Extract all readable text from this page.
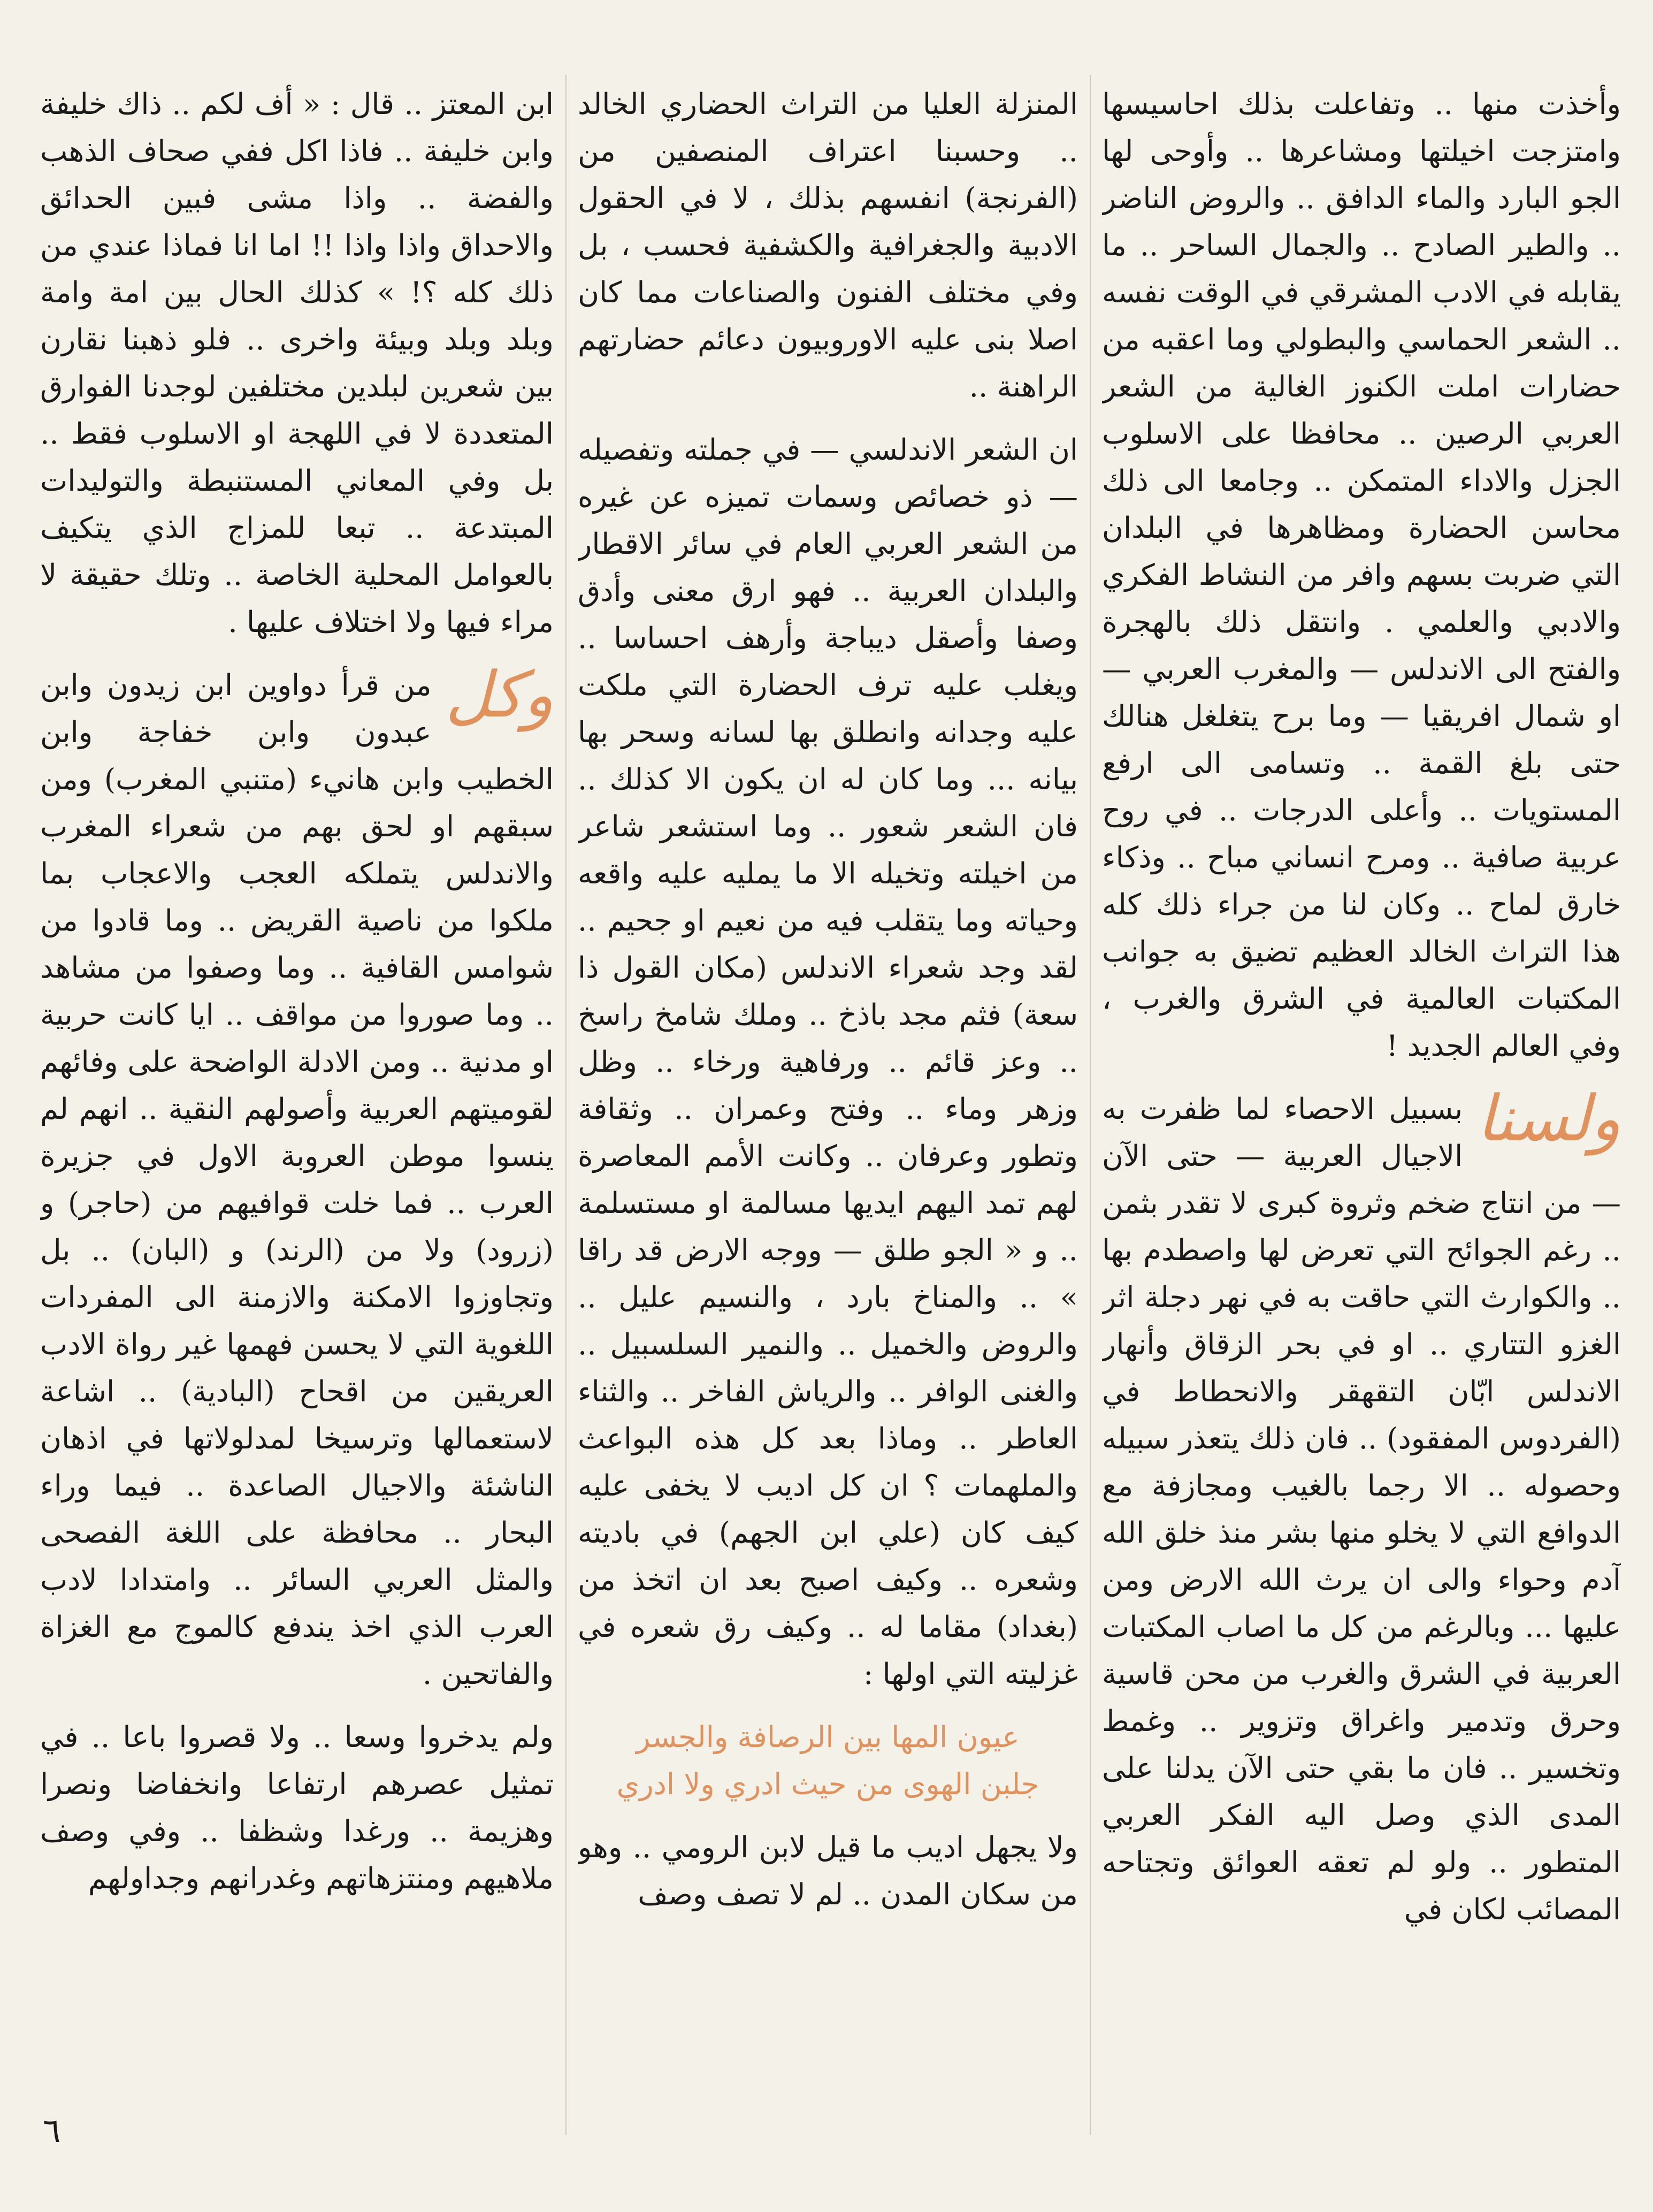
وأخذت منها .. وتفاعلت بذلك احاسيسها وامتزجت اخيلتها ومشاعرها .. وأوحى لها الجو البارد والماء الدافق .. والروض الناضر .. والطير الصادح .. والجمال الساحر .. ما يقابله في الادب المشرقي في الوقت نفسه .. الشعر الحماسي والبطولي وما اعقبه من حضارات املت الكنوز الغالية من الشعر العربي الرصين .. محافظا على الاسلوب الجزل والاداء المتمكن .. وجامعا الى ذلك محاسن الحضارة ومظاهرها في البلدان التي ضربت بسهم وافر من النشاط الفكري والادبي والعلمي . وانتقل ذلك بالهجرة والفتح الى الاندلس — والمغرب العربي — او شمال افريقيا — وما برح يتغلغل هنالك حتى بلغ القمة .. وتسامى الى ارفع المستويات .. وأعلى الدرجات .. في روح عربية صافية .. ومرح انساني مباح .. وذكاء خارق لماح .. وكان لنا من جراء ذلك كله هذا التراث الخالد العظيم تضيق به جوانب المكتبات العالمية في الشرق والغرب ، وفي العالم الجديد !

ولسنا
بسبيل الاحصاء لما ظفرت به الاجيال العربية — حتى الآن — من انتاج ضخم وثروة كبرى لا تقدر بثمن .. رغم الجوائح التي تعرض لها واصطدم بها .. والكوارث التي حاقت به في نهر دجلة اثر الغزو التتاري .. او في بحر الزقاق وأنهار الاندلس ابّان التقهقر والانحطاط في (الفردوس المفقود) .. فان ذلك يتعذر سبيله وحصوله .. الا رجما بالغيب ومجازفة مع الدوافع التي لا يخلو منها بشر منذ خلق الله آدم وحواء والى ان يرث الله الارض ومن عليها ... وبالرغم من كل ما اصاب المكتبات العربية في الشرق والغرب من محن قاسية وحرق وتدمير واغراق وتزوير .. وغمط وتخسير .. فان ما بقي حتى الآن يدلنا على المدى الذي وصل اليه الفكر العربي المتطور .. ولو لم تعقه العوائق وتجتاحه المصائب لكان في

المنزلة العليا من التراث الحضاري الخالد .. وحسبنا اعتراف المنصفين من (الفرنجة) انفسهم بذلك ، لا في الحقول الادبية والجغرافية والكشفية فحسب ، بل وفي مختلف الفنون والصناعات مما كان اصلا بنى عليه الاوروبيون دعائم حضارتهم الراهنة ..

ان الشعر الاندلسي — في جملته وتفصيله — ذو خصائص وسمات تميزه عن غيره من الشعر العربي العام في سائر الاقطار والبلدان العربية .. فهو ارق معنى وأدق وصفا وأصقل ديباجة وأرهف احساسا .. ويغلب عليه ترف الحضارة التي ملكت عليه وجدانه وانطلق بها لسانه وسحر بها بيانه ... وما كان له ان يكون الا كذلك .. فان الشعر شعور .. وما استشعر شاعر من اخيلته وتخيله الا ما يمليه عليه واقعه وحياته وما يتقلب فيه من نعيم او جحيم .. لقد وجد شعراء الاندلس (مكان القول ذا سعة) فثم مجد باذخ .. وملك شامخ راسخ .. وعز قائم .. ورفاهية ورخاء .. وظل وزهر وماء .. وفتح وعمران .. وثقافة وتطور وعرفان .. وكانت الأمم المعاصرة لهم تمد اليهم ايديها مسالمة او مستسلمة .. و « الجو طلق — ووجه الارض قد راقا » .. والمناخ بارد ، والنسيم عليل .. والروض والخميل .. والنمير السلسبيل .. والغنى الوافر .. والرياش الفاخر .. والثناء العاطر .. وماذا بعد كل هذه البواعث والملهمات ؟ ان كل اديب لا يخفى عليه كيف كان (علي ابن الجهم) في باديته وشعره .. وكيف اصبح بعد ان اتخذ من (بغداد) مقاما له .. وكيف رق شعره في غزليته التي اولها :

عيون المها بين الرصافة والجسر

جلبن الهوى من حيث ادري ولا ادري

ولا يجهل اديب ما قيل لابن الرومي .. وهو من سكان المدن .. لم لا تصف وصف

ابن المعتز .. قال : « أف لكم .. ذاك خليفة وابن خليفة .. فاذا اكل ففي صحاف الذهب والفضة .. واذا مشى فبين الحدائق والاحداق واذا واذا !! اما انا فماذا عندي من ذلك كله ؟! » كذلك الحال بين امة وامة وبلد وبلد وبيئة واخرى .. فلو ذهبنا نقارن بين شعرين لبلدين مختلفين لوجدنا الفوارق المتعددة لا في اللهجة او الاسلوب فقط .. بل وفي المعاني المستنبطة والتوليدات المبتدعة .. تبعا للمزاج الذي يتكيف بالعوامل المحلية الخاصة .. وتلك حقيقة لا مراء فيها ولا اختلاف عليها .

وكل
من قرأ دواوين ابن زيدون وابن عبدون وابن خفاجة وابن الخطيب وابن هانيء (متنبي المغرب) ومن سبقهم او لحق بهم من شعراء المغرب والاندلس يتملكه العجب والاعجاب بما ملكوا من ناصية القريض .. وما قادوا من شوامس القافية .. وما وصفوا من مشاهد .. وما صوروا من مواقف .. ايا كانت حربية او مدنية .. ومن الادلة الواضحة على وفائهم لقوميتهم العربية وأصولهم النقية .. انهم لم ينسوا موطن العروبة الاول في جزيرة العرب .. فما خلت قوافيهم من (حاجر) و (زرود) ولا من (الرند) و (البان) .. بل وتجاوزوا الامكنة والازمنة الى المفردات اللغوية التي لا يحسن فهمها غير رواة الادب العريقين من اقحاح (البادية) .. اشاعة لاستعمالها وترسيخا لمدلولاتها في اذهان الناشئة والاجيال الصاعدة .. فيما وراء البحار .. محافظة على اللغة الفصحى والمثل العربي السائر .. وامتدادا لادب العرب الذي اخذ يندفع كالموج مع الغزاة والفاتحين .

ولم يدخروا وسعا .. ولا قصروا باعا .. في تمثيل عصرهم ارتفاعا وانخفاضا ونصرا وهزيمة .. ورغدا وشظفا .. وفي وصف ملاهيهم ومنتزهاتهم وغدرانهم وجداولهم

٦
